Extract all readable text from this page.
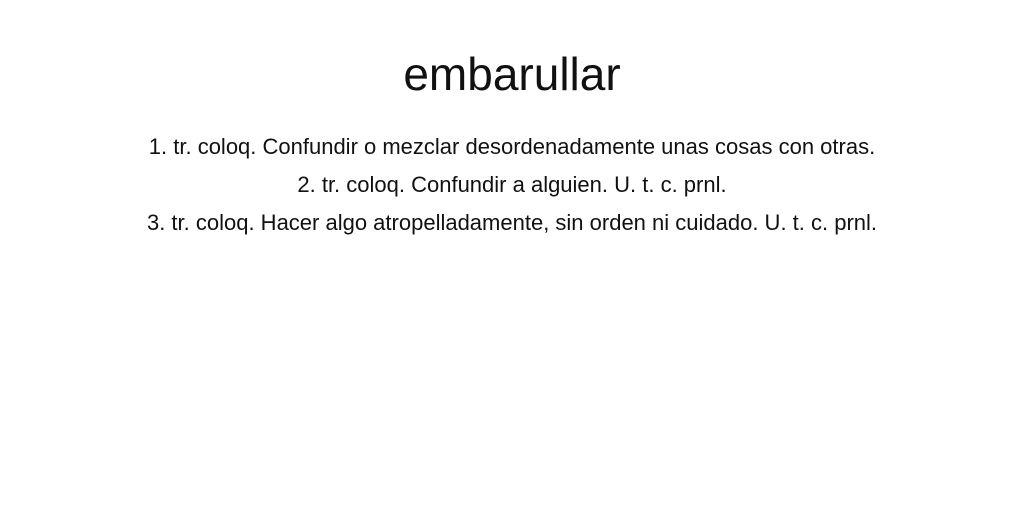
embarullar
1. tr. coloq. Confundir o mezclar desordenadamente unas cosas con otras.
2. tr. coloq. Confundir a alguien. U. t. c. prnl.
3. tr. coloq. Hacer algo atropelladamente, sin orden ni cuidado. U. t. c. prnl.
